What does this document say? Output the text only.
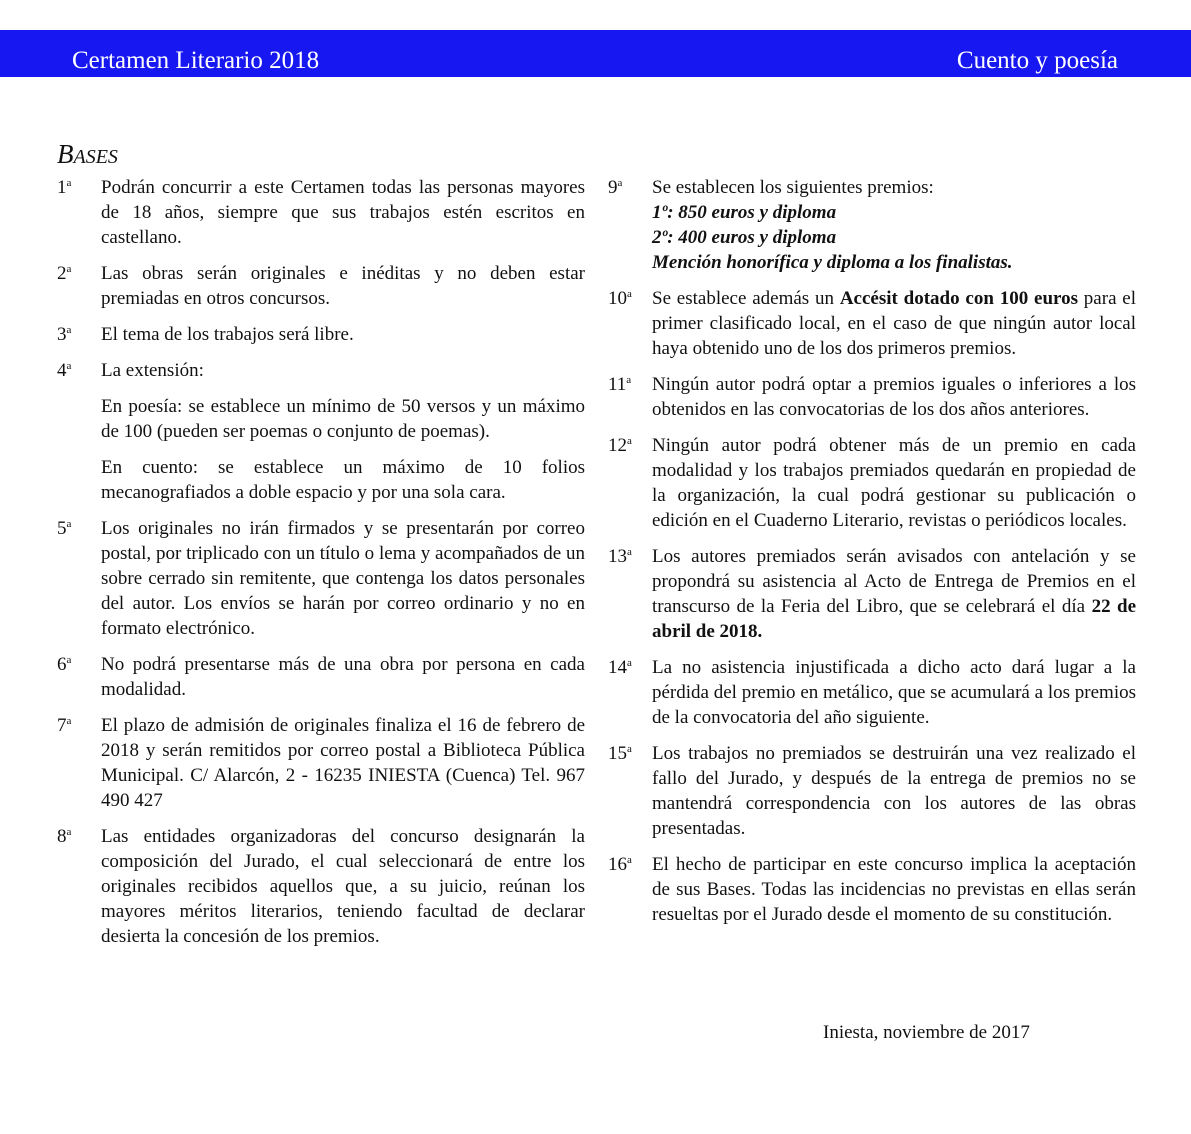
Certamen Literario 2018	Cuento y poesía
BASES
1$^a$ Podrán concurrir a este Certamen todas las personas mayores de 18 años, siempre que sus trabajos estén escritos en castellano.

2$^a$ Las obras serán originales e inéditas y no deben estar premiadas en otros concursos.

3$^a$ El tema de los trabajos será libre.

4$^a$ La extensión:

En poesía: se establece un mínimo de 50 versos y un máximo de 100 (pueden ser poemas o conjunto de poemas).

En cuento: se establece un máximo de 10 folios mecanografiados a doble espacio y por una sola cara.

5$^a$ Los originales no irán firmados y se presentarán por correo postal, por triplicado con un título o lema y acompañados de un sobre cerrado sin remitente, que contenga los datos personales del autor. Los envíos se harán por correo ordinario y no en formato electrónico.

6$^a$ No podrá presentarse más de una obra por persona en cada modalidad.

7$^a$ El plazo de admisión de originales finaliza el 16 de febrero de 2018 y serán remitidos por correo postal a Biblioteca Pública Municipal. C/ Alarcón, 2 - 16235 INIESTA (Cuenca) Tel. 967 490 427

8$^a$ Las entidades organizadoras del concurso designarán la composición del Jurado, el cual seleccionará de entre los originales recibidos aquellos que, a su juicio, reúnan los mayores méritos literarios, teniendo facultad de declarar desierta la concesión de los premios.

9$^a$ Se establecen los siguientes premios:
1º: 850 euros y diploma
2º: 400 euros y diploma
Mención honorífica y diploma a los finalistas.

10$^a$ Se establece además un Accésit dotado con 100 euros para el primer clasificado local, en el caso de que ningún autor local haya obtenido uno de los dos primeros premios.

11$^a$ Ningún autor podrá optar a premios iguales o inferiores a los obtenidos en las convocatorias de los dos años anteriores.

12$^a$ Ningún autor podrá obtener más de un premio en cada modalidad y los trabajos premiados quedarán en propiedad de la organización, la cual podrá gestionar su publicación o edición en el Cuaderno Literario, revistas o periódicos locales.

13$^a$ Los autores premiados serán avisados con antelación y se propondrá su asistencia al Acto de Entrega de Premios en el transcurso de la Feria del Libro, que se celebrará el día 22 de abril de 2018.

14$^a$ La no asistencia injustificada a dicho acto dará lugar a la pérdida del premio en metálico, que se acumulará a los premios de la convocatoria del año siguiente.

15$^a$ Los trabajos no premiados se destruirán una vez realizado el fallo del Jurado, y después de la entrega de premios no se mantendrá correspondencia con los autores de las obras presentadas.

16$^a$ El hecho de participar en este concurso implica la aceptación de sus Bases. Todas las incidencias no previstas en ellas serán resueltas por el Jurado desde el momento de su constitución.

Iniesta, noviembre de 2017
